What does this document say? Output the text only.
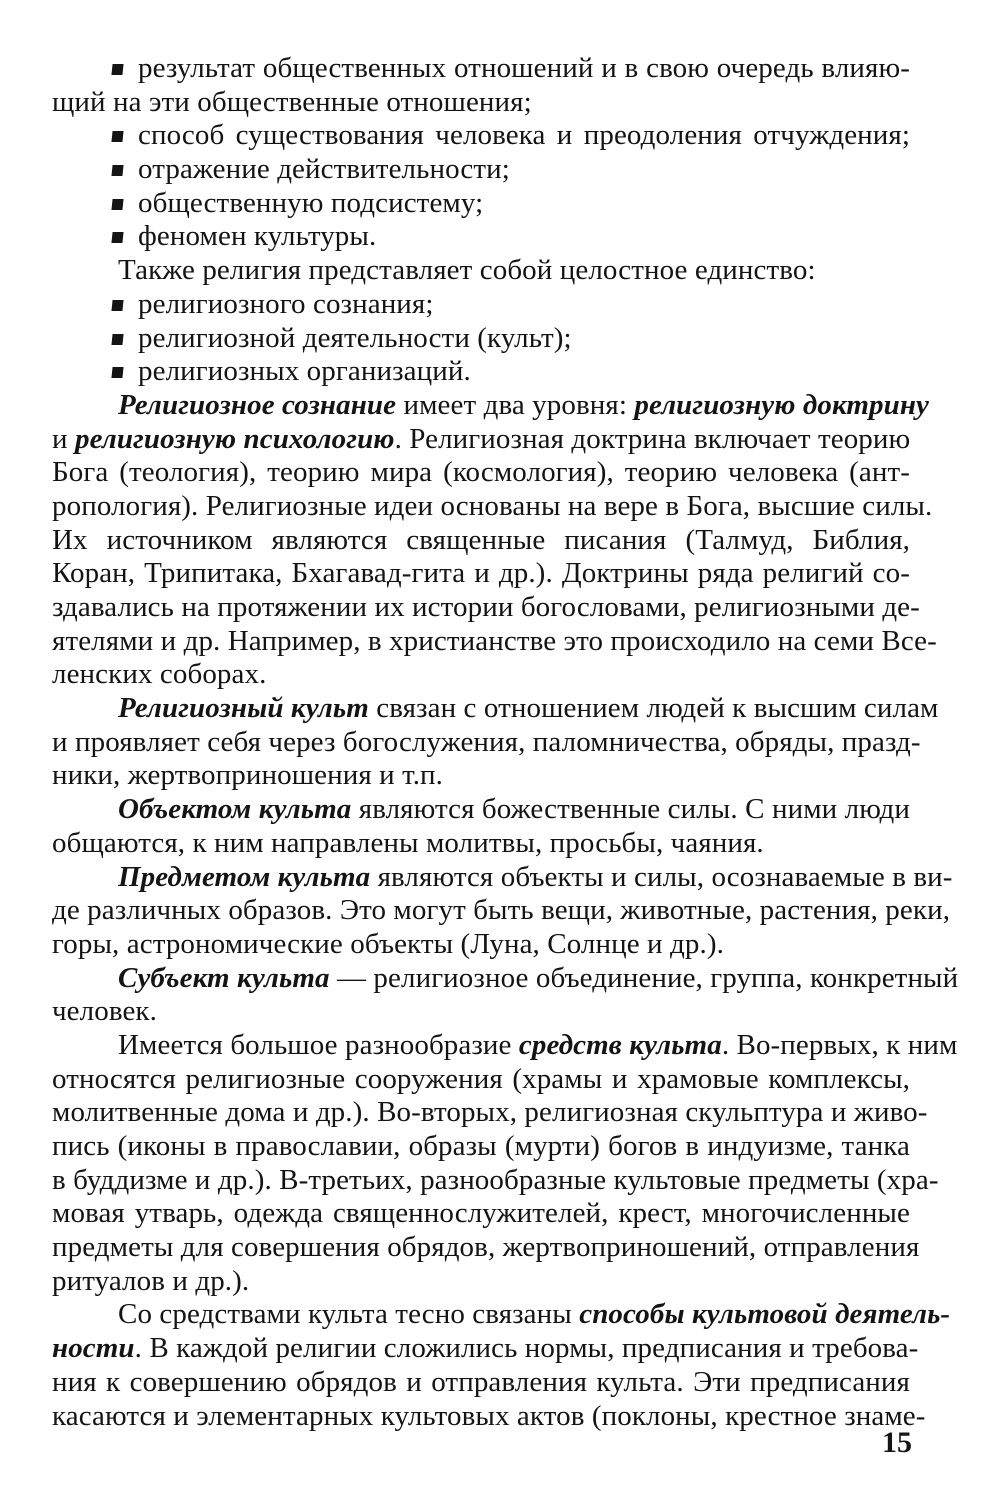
результат общественных отношений и в свою очередь влияю-
щий на эти общественные отношения;
способ существования человека и преодоления отчуждения;
отражение действительности;
общественную подсистему;
феномен культуры.
Также религия представляет собой целостное единство:
религиозного сознания;
религиозной деятельности (культ);
религиозных организаций.
Религиозное сознание имеет два уровня: религиозную доктрину
и религиозную психологию. Религиозная доктрина включает теорию
Бога (теология), теорию мира (космология), теорию человека (ант-
ропология). Религиозные идеи основаны на вере в Бога, высшие силы.
Их источником являются священные писания (Талмуд, Библия,
Коран, Трипитака, Бхагавад-гита и др.). Доктрины ряда религий со-
здавались на протяжении их истории богословами, религиозными де-
ятелями и др. Например, в христианстве это происходило на семи Все-
ленских соборах.
Религиозный культ связан с отношением людей к высшим силам
и проявляет себя через богослужения, паломничества, обряды, празд-
ники, жертвоприношения и т.п.
Объектом культа являются божественные силы. С ними люди
общаются, к ним направлены молитвы, просьбы, чаяния.
Предметом культа являются объекты и силы, осознаваемые в ви-
де различных образов. Это могут быть вещи, животные, растения, реки,
горы, астрономические объекты (Луна, Солнце и др.).
Субъект культа — религиозное объединение, группа, конкретный
человек.
Имеется большое разнообразие средств культа. Во-первых, к ним
относятся религиозные сооружения (храмы и храмовые комплексы,
молитвенные дома и др.). Во-вторых, религиозная скульптура и живо-
пись (иконы в православии, образы (мурти) богов в индуизме, танка
в буддизме и др.). В-третьих, разнообразные культовые предметы (хра-
мовая утварь, одежда священнослужителей, крест, многочисленные
предметы для совершения обрядов, жертвоприношений, отправления
ритуалов и др.).
Со средствами культа тесно связаны способы культовой деятель-
ности. В каждой религии сложились нормы, предписания и требова-
ния к совершению обрядов и отправления культа. Эти предписания
касаются и элементарных культовых актов (поклоны, крестное знаме-
15
